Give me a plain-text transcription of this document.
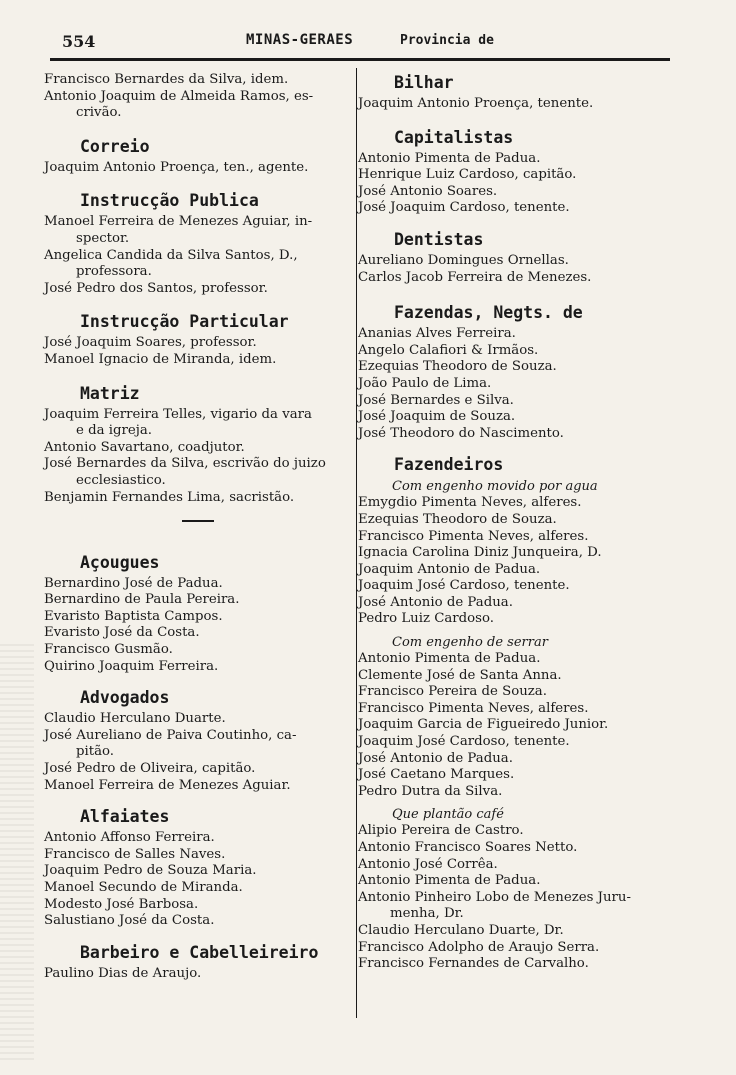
554	MINAS-GERAES	Provincia de
Francisco Bernardes da Silva, idem.
Antonio Joaquim de Almeida Ramos, es-
crivão.
Correio
Joaquim Antonio Proença, ten., agente.
Instrucção Publica
Manoel Ferreira de Menezes Aguiar, in-
spector.
Angelica Candida da Silva Santos, D.,
professora.
José Pedro dos Santos, professor.
Instrucção Particular
José Joaquim Soares, professor.
Manoel Ignacio de Miranda, idem.
Matriz
Joaquim Ferreira Telles, vigario da vara
e da igreja.
Antonio Savartano, coadjutor.
José Bernardes da Silva, escrivão do juizo
ecclesiastico.
Benjamin Fernandes Lima, sacristão.
Açougues
Bernardino José de Padua.
Bernardino de Paula Pereira.
Evaristo Baptista Campos.
Evaristo José da Costa.
Francisco Gusmão.
Quirino Joaquim Ferreira.
Advogados
Claudio Herculano Duarte.
José Aureliano de Paiva Coutinho, ca-
pitão.
José Pedro de Oliveira, capitão.
Manoel Ferreira de Menezes Aguiar.
Alfaiates
Antonio Affonso Ferreira.
Francisco de Salles Naves.
Joaquim Pedro de Souza Maria.
Manoel Secundo de Miranda.
Modesto José Barbosa.
Salustiano José da Costa.
Barbeiro e Cabelleireiro
Paulino Dias de Araujo.
Bilhar
Joaquim Antonio Proença, tenente.
Capitalistas
Antonio Pimenta de Padua.
Henrique Luiz Cardoso, capitão.
José Antonio Soares.
José Joaquim Cardoso, tenente.
Dentistas
Aureliano Domingues Ornellas.
Carlos Jacob Ferreira de Menezes.
Fazendas, Negts. de
Ananias Alves Ferreira.
Angelo Calafiori & Irmãos.
Ezequias Theodoro de Souza.
João Paulo de Lima.
José Bernardes e Silva.
José Joaquim de Souza.
José Theodoro do Nascimento.
Fazendeiros
Com engenho movido por agua
Emygdio Pimenta Neves, alferes.
Ezequias Theodoro de Souza.
Francisco Pimenta Neves, alferes.
Ignacia Carolina Diniz Junqueira, D.
Joaquim Antonio de Padua.
Joaquim José Cardoso, tenente.
José Antonio de Padua.
Pedro Luiz Cardoso.
Com engenho de serrar
Antonio Pimenta de Padua.
Clemente José de Santa Anna.
Francisco Pereira de Souza.
Francisco Pimenta Neves, alferes.
Joaquim Garcia de Figueiredo Junior.
Joaquim José Cardoso, tenente.
José Antonio de Padua.
José Caetano Marques.
Pedro Dutra da Silva.
Que plantão café
Alipio Pereira de Castro.
Antonio Francisco Soares Netto.
Antonio José Corrêa.
Antonio Pimenta de Padua.
Antonio Pinheiro Lobo de Menezes Juru-
menha, Dr.
Claudio Herculano Duarte, Dr.
Francisco Adolpho de Araujo Serra.
Francisco Fernandes de Carvalho.
